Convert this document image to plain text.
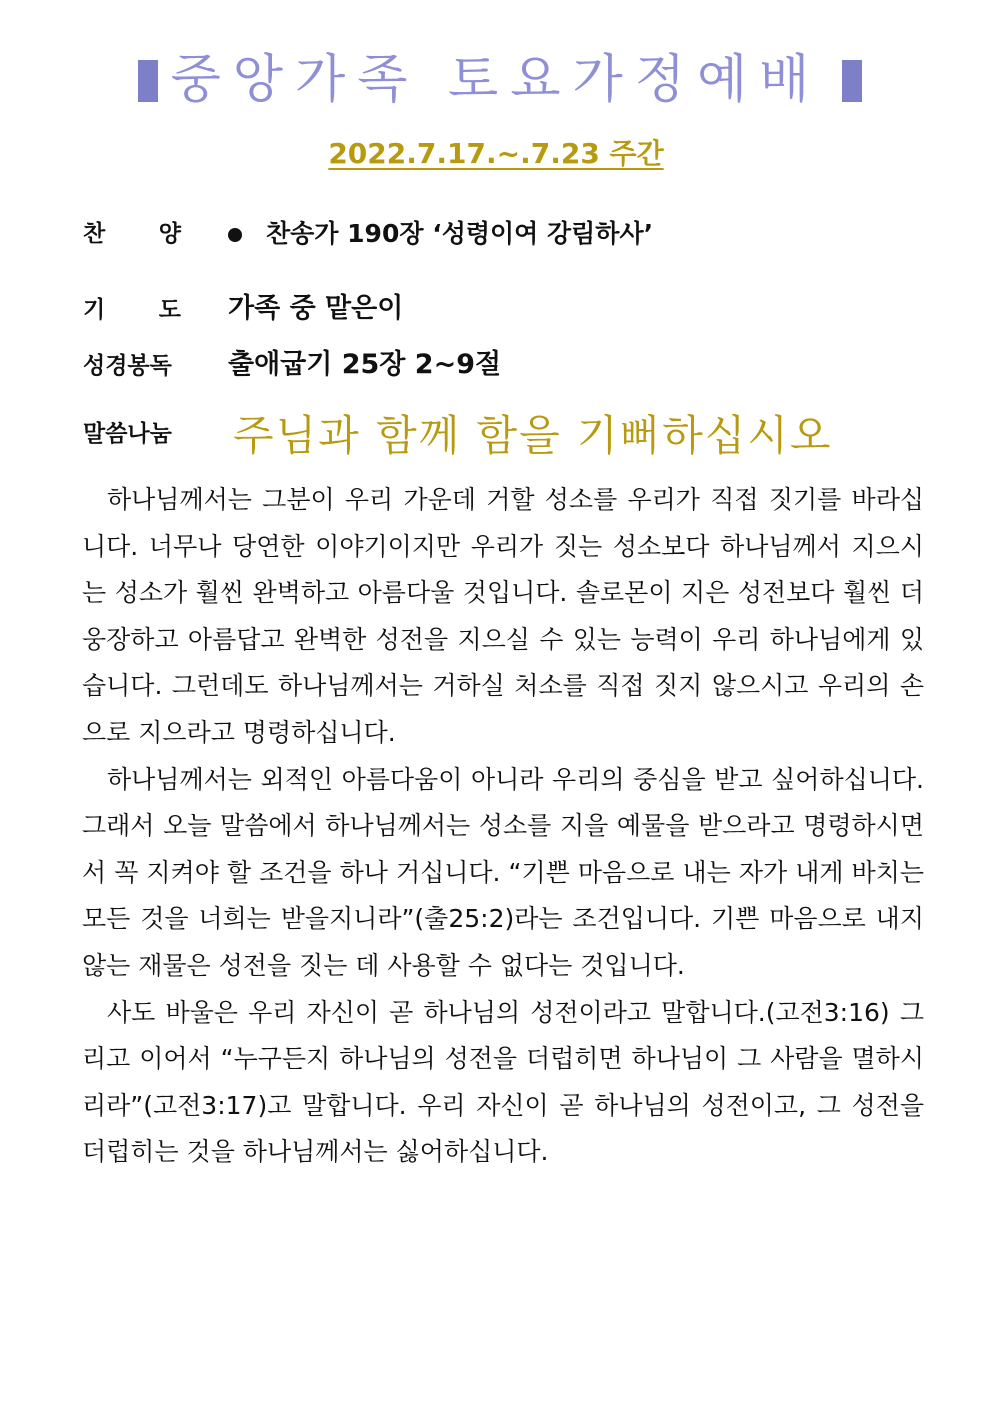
중앙가족 토요가정예배
2022.7.17.~.7.23 주간
찬 양	찬송가 190장 ‘성령이여 강림하사’
기 도 가족 중 맡은이
성경봉독	출애굽기 25장 2~9절
말씀나눔	주님과 함께 함을 기뻐하십시오

하나님께서는 그분이 우리 가운데 거할 성소를 우리가 직접 짓기를 바라십니다. 너무나 당연한 이야기이지만 우리가 짓는 성소보다 하나님께서 지으시는 성소가 훨씬 완벽하고 아름다울 것입니다. 솔로몬이 지은 성전보다 훨씬 더 웅장하고 아름답고 완벽한 성전을 지으실 수 있는 능력이 우리 하나님에게 있습니다. 그런데도 하나님께서는 거하실 처소를 직접 짓지 않으시고 우리의 손으로 지으라고 명령하십니다.

하나님께서는 외적인 아름다움이 아니라 우리의 중심을 받고 싶어하십니다. 그래서 오늘 말씀에서 하나님께서는 성소를 지을 예물을 받으라고 명령하시면서 꼭 지켜야 할 조건을 하나 거십니다. “기쁜 마음으로 내는 자가 내게 바치는 모든 것을 너희는 받을지니라”(출25:2)라는 조건입니다. 기쁜 마음으로 내지 않는 재물은 성전을 짓는 데 사용할 수 없다는 것입니다.

사도 바울은 우리 자신이 곧 하나님의 성전이라고 말합니다.(고전3:16) 그리고 이어서 “누구든지 하나님의 성전을 더럽히면 하나님이 그 사람을 멸하시리라”(고전3:17)고 말합니다. 우리 자신이 곧 하나님의 성전이고, 그 성전을 더럽히는 것을 하나님께서는 싫어하십니다.
